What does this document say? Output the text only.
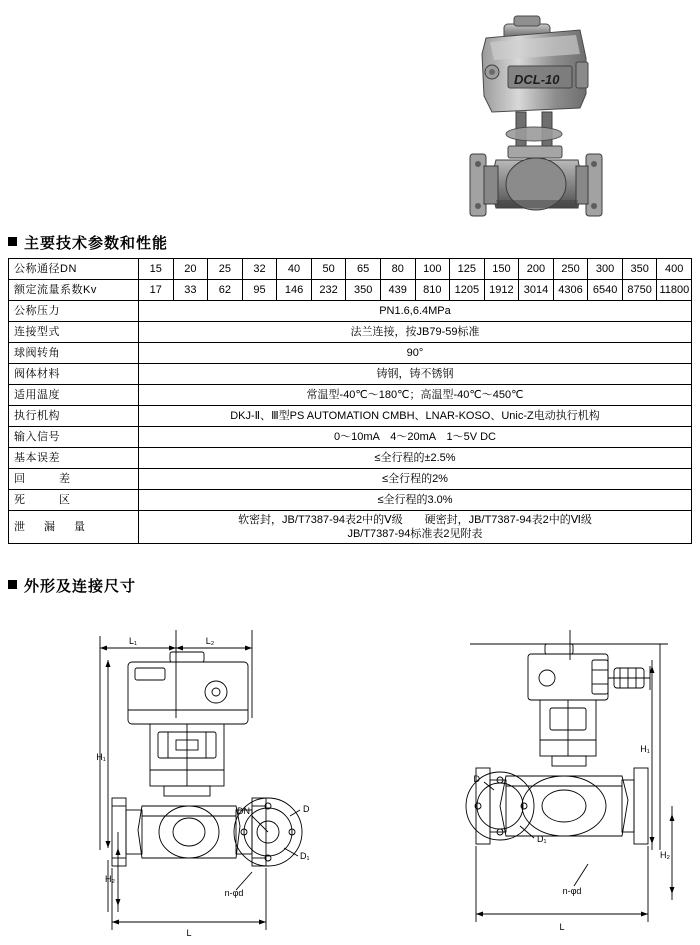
DCL-10
主要技术参数和性能
公称通径DN	15	20	25	32	40	50	65	80	100	125	150	200	250	300	350	400
额定流量系数Kv	17	33	62	95	146	232	350	439	810	1205	1912	3014	4306	6540	8750	11800
公称压力	PN1.6,6.4MPa															
连接型式	法兰连接，按JB79-59标准															
球阀转角	90°															
阀体材料	铸钢，铸不锈钢															
适用温度	常温型-40℃～180℃；高温型-40℃～450℃															
执行机构	DKJ-Ⅱ、Ⅲ型PS AUTOMATION CMBH、LNAR-KOSO、Unic-Z电动执行机构															
输入信号	0～10mA　4～20mA　1～5V DC															
基本误差	≤全行程的±2.5%															
回　　差	≤全行程的2%															
死　　区	≤全行程的3.0%															
泄　漏　量	软密封，JB/T7387-94表2中的Ⅴ级　　硬密封，JB/T7387-94表2中的Ⅵ级
JB/T7387-94标准表2见附表															
外形及连接尺寸
L₁	L₂
H₁
H₂
L
DN	D
D₁
n-φd
H₁
H₂
L
D
D₁
n-φd
